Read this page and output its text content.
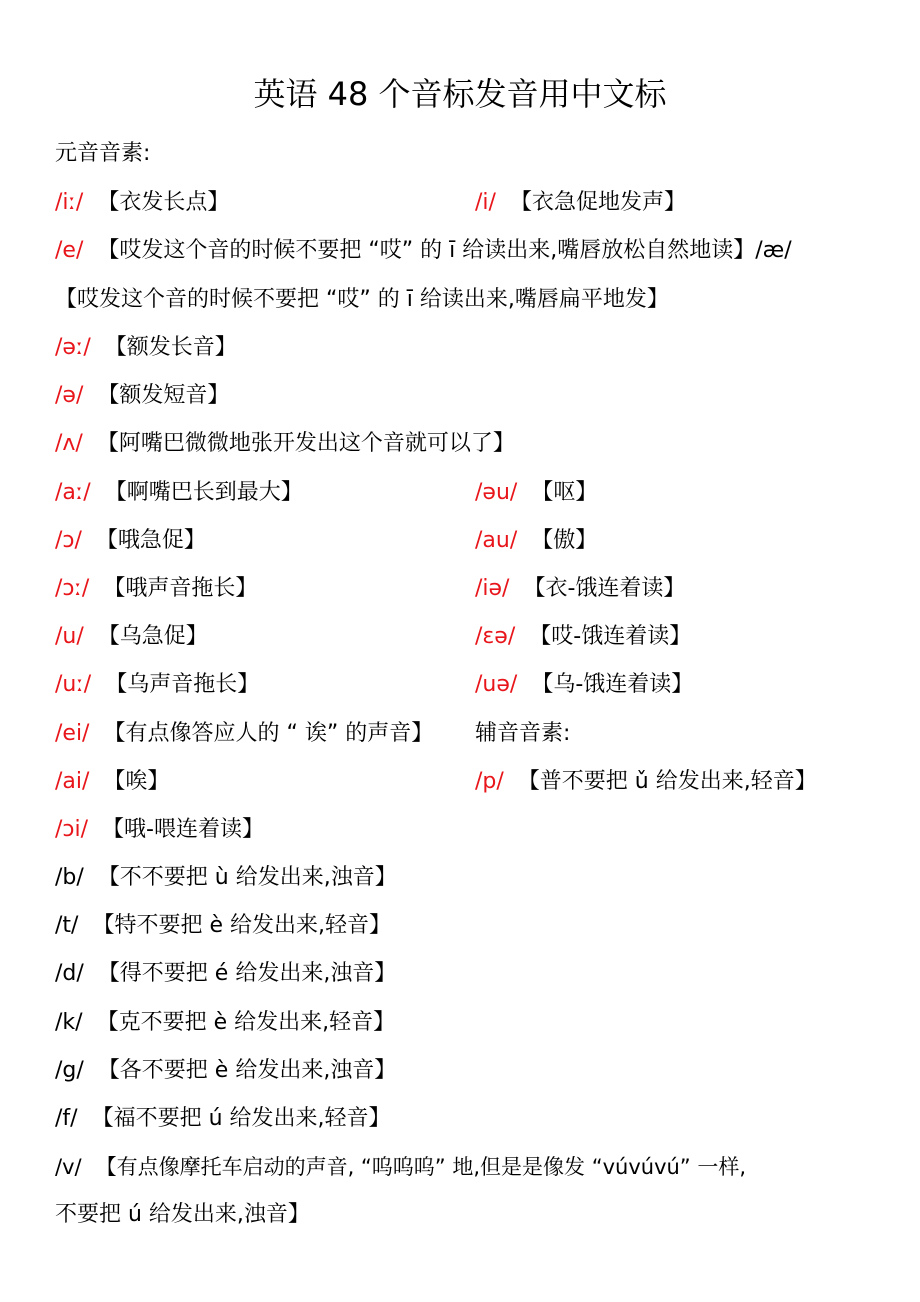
英语 48 个音标发音用中文标
元音音素:
/iː/ 【衣发长点】	/i/ 【衣急促地发声】
/e/ 【哎发这个音的时候不要把 “哎” 的 ī 给读出来,嘴唇放松自然地读】/æ/
【哎发这个音的时候不要把 “哎” 的 ī 给读出来,嘴唇扁平地发】
/əː/ 【额发长音】
/ə/ 【额发短音】
/ʌ/ 【阿嘴巴微微地张开发出这个音就可以了】
/aː/ 【啊嘴巴长到最大】	/əu/ 【呕】
/ɔ/ 【哦急促】	/au/ 【傲】
/ɔː/ 【哦声音拖长】	/iə/ 【衣-饿连着读】
/u/ 【乌急促】	/ɛə/ 【哎-饿连着读】
/uː/ 【乌声音拖长】	/uə/ 【乌-饿连着读】
/ei/ 【有点像答应人的 “ 诶” 的声音】 辅音音素:
/ai/ 【唉】	/p/ 【普不要把 ǔ 给发出来,轻音】
/ɔi/ 【哦-喂连着读】
/b/ 【不不要把 ù 给发出来,浊音】
/t/ 【特不要把 è 给发出来,轻音】
/d/ 【得不要把 é 给发出来,浊音】
/k/ 【克不要把 è 给发出来,轻音】
/g/ 【各不要把 è 给发出来,浊音】
/f/ 【福不要把 ú 给发出来,轻音】
/v/ 【有点像摩托车启动的声音, “呜呜呜” 地,但是是像发 “vúvúvú” 一样,
不要把 ú 给发出来,浊音】
